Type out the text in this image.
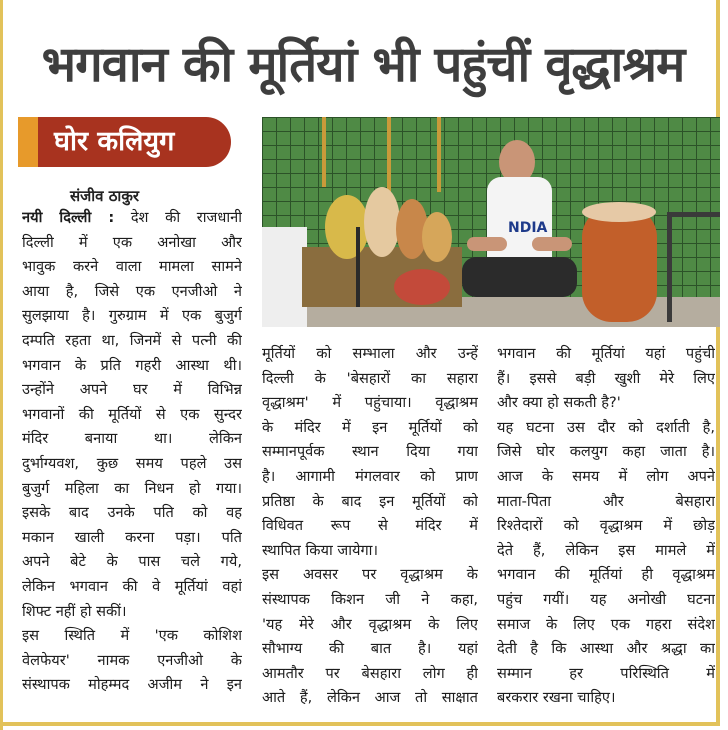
भगवान की मूर्तियां भी पहुंचीं वृद्धाश्रम
घोर कलियुग
संजीव ठाकुर
NDIA
नयी दिल्ली : देश की राजधानी
दिल्ली में एक अनोखा और
भावुक करने वाला मामला सामने
आया है, जिसे एक एनजीओ ने
सुलझाया है। गुरुग्राम में एक बुजुर्ग
दम्पति रहता था, जिनमें से पत्नी की
भगवान के प्रति गहरी आस्था थी।
उन्होंने अपने घर में विभिन्न
भगवानों की मूर्तियों से एक सुन्दर
मंदिर बनाया था। लेकिन
दुर्भाग्यवश, कुछ समय पहले उस
बुजुर्ग महिला का निधन हो गया।
इसके बाद उनके पति को वह
मकान खाली करना पड़ा। पति
अपने बेटे के पास चले गये,
लेकिन भगवान की वे मूर्तियां वहां
शिफ्ट नहीं हो सकीं।
इस स्थिति में 'एक कोशिश
वेलफेयर' नामक एनजीओ के
संस्थापक मोहम्मद अजीम ने इन
मूर्तियों को सम्भाला और उन्हें
दिल्ली के 'बेसहारों का सहारा
वृद्धाश्रम' में पहुंचाया। वृद्धाश्रम
के मंदिर में इन मूर्तियों को
सम्मानपूर्वक स्थान दिया गया
है। आगामी मंगलवार को प्राण
प्रतिष्ठा के बाद इन मूर्तियों को
विधिवत रूप से मंदिर में
स्थापित किया जायेगा।
इस अवसर पर वृद्धाश्रम के
संस्थापक किशन जी ने कहा,
'यह मेरे और वृद्धाश्रम के लिए
सौभाग्य की बात है। यहां
आमतौर पर बेसहारा लोग ही
आते हैं, लेकिन आज तो साक्षात
भगवान की मूर्तियां यहां पहुंची
हैं। इससे बड़ी खुशी मेरे लिए
और क्या हो सकती है?'
यह घटना उस दौर को दर्शाती है,
जिसे घोर कलयुग कहा जाता है।
आज के समय में लोग अपने
माता-पिता और बेसहारा
रिश्तेदारों को वृद्धाश्रम में छोड़
देते हैं, लेकिन इस मामले में
भगवान की मूर्तियां ही वृद्धाश्रम
पहुंच गयीं। यह अनोखी घटना
समाज के लिए एक गहरा संदेश
देती है कि आस्था और श्रद्धा का
सम्मान हर परिस्थिति में
बरकरार रखना चाहिए।
